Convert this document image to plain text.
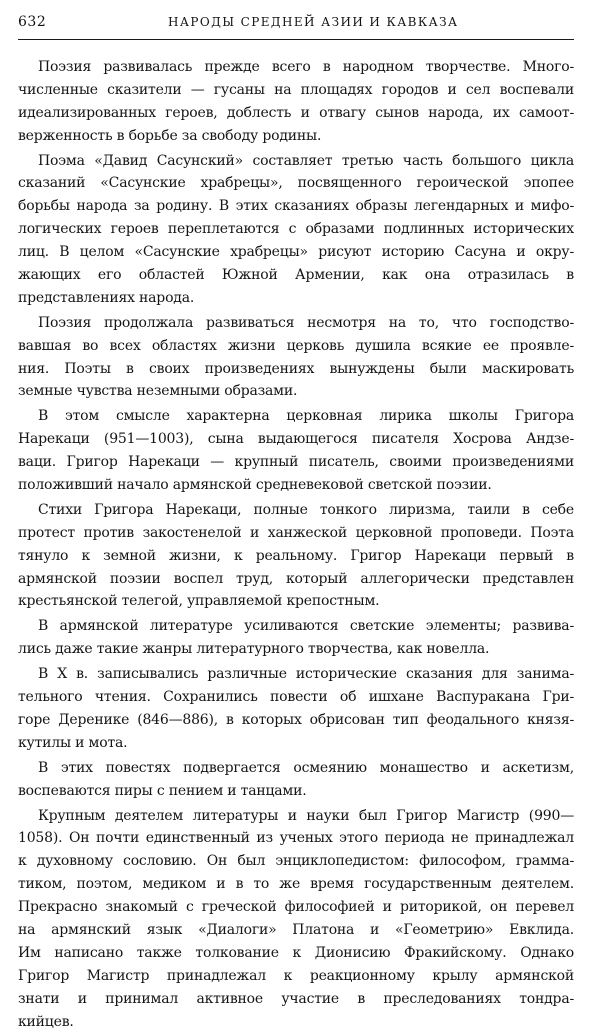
632	НАРОДЫ СРЕДНЕЙ АЗИИ И КАВКАЗА
Поэзия развивалась прежде всего в народном творчестве. Много-
численные сказители — гусаны на площадях городов и сел воспевали
идеализированных героев, доблесть и отвагу сынов народа, их самоот-
верженность в борьбе за свободу родины.
Поэма «Давид Сасунский» составляет третью часть большого цикла
сказаний «Сасунские храбрецы», посвященного героической эпопее
борьбы народа за родину. В этих сказаниях образы легендарных и мифо-
логических героев переплетаются с образами подлинных исторических
лиц. В целом «Сасунские храбрецы» рисуют историю Сасуна и окру-
жающих его областей Южной Армении, как она отразилась в
представлениях народа.
Поэзия продолжала развиваться несмотря на то, что господство-
вавшая во всех областях жизни церковь душила всякие ее проявле-
ния. Поэты в своих произведениях вынуждены были маскировать
земные чувства неземными образами.
В этом смысле характерна церковная лирика школы Григора
Нарекаци (951—1003), сына выдающегося писателя Хосрова Андзе-
ваци. Григор Нарекаци — крупный писатель, своими произведениями
положивший начало армянской средневековой светской поэзии.
Стихи Григора Нарекаци, полные тонкого лиризма, таили в себе
протест против закостенелой и ханжеской церковной проповеди. Поэта
тянуло к земной жизни, к реальному. Григор Нарекаци первый в
армянской поэзии воспел труд, который аллегорически представлен
крестьянской телегой, управляемой крепостным.
В армянской литературе усиливаются светские элементы; развива-
лись даже такие жанры литературного творчества, как новелла.
В X в. записывались различные исторические сказания для занима-
тельного чтения. Сохранились повести об ишхане Васпуракана Гри-
горе Деренике (846—886), в которых обрисован тип феодального князя-
кутилы и мота.
В этих повестях подвергается осмеянию монашество и аскетизм,
воспеваются пиры с пением и танцами.
Крупным деятелем литературы и науки был Григор Магистр (990—
1058). Он почти единственный из ученых этого периода не принадлежал
к духовному сословию. Он был энциклопедистом: философом, грамма-
тиком, поэтом, медиком и в то же время государственным деятелем.
Прекрасно знакомый с греческой философией и риторикой, он перевел
на армянский язык «Диалоги» Платона и «Геометрию» Евклида.
Им написано также толкование к Дионисию Фракийскому. Однако
Григор Магистр принадлежал к реакционному крылу армянской
знати и принимал активное участие в преследованиях тондра-
кийцев.
